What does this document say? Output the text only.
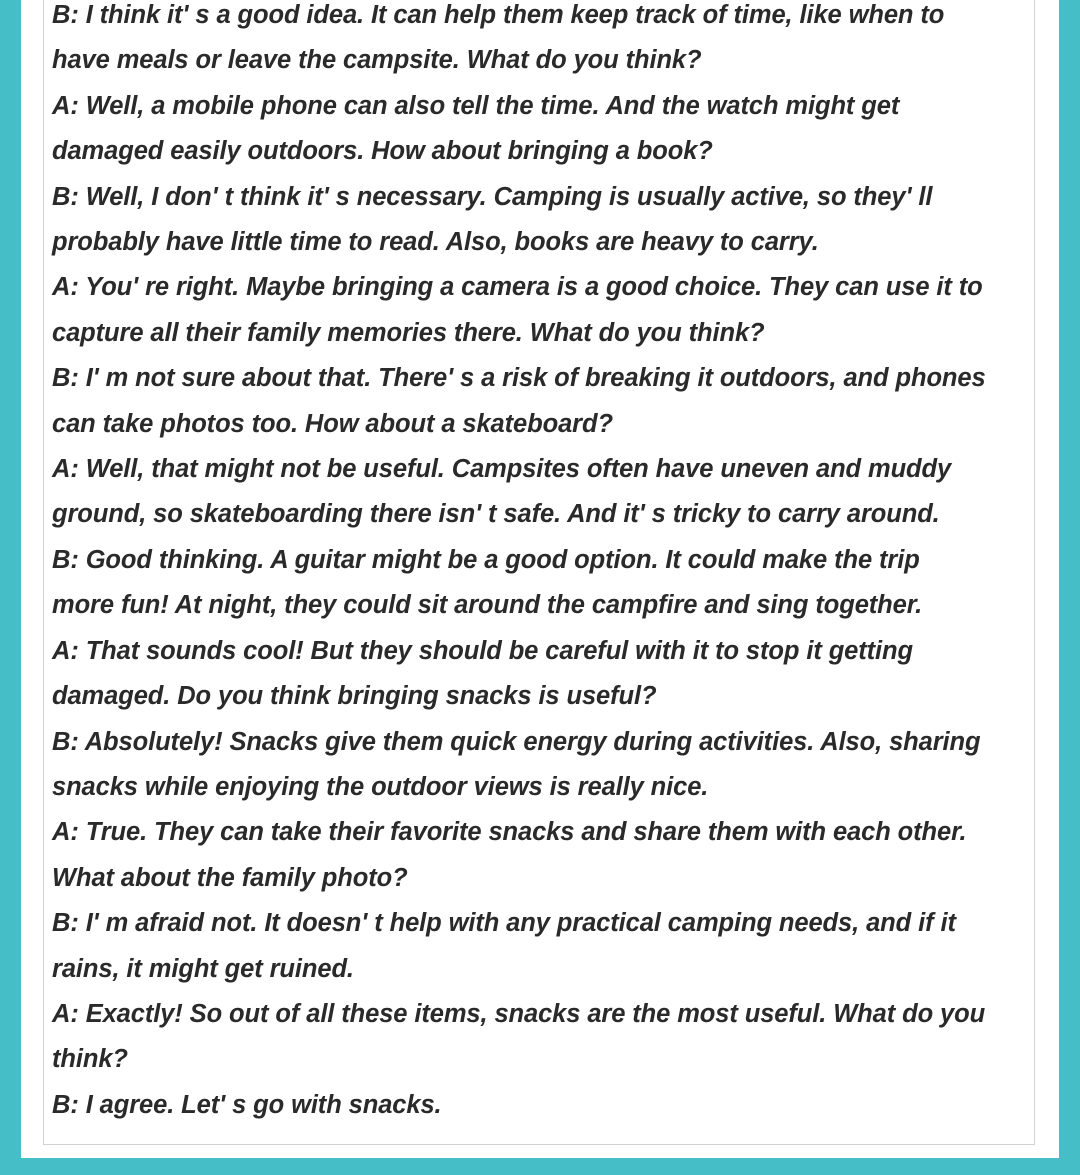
B: I think it' s a good idea. It can help them keep track of time, like when to
have meals or leave the campsite. What do you think?
A: Well, a mobile phone can also tell the time. And the watch might get
damaged easily outdoors. How about bringing a book?
B: Well, I don' t think it' s necessary. Camping is usually active, so they' ll
probably have little time to read. Also, books are heavy to carry.
A: You' re right. Maybe bringing a camera is a good choice. They can use it to
capture all their family memories there. What do you think?
B: I' m not sure about that. There' s a risk of breaking it outdoors, and phones
can take photos too. How about a skateboard?
A: Well, that might not be useful. Campsites often have uneven and muddy
ground, so skateboarding there isn' t safe. And it' s tricky to carry around.
B: Good thinking. A guitar might be a good option. It could make the trip
more fun! At night, they could sit around the campfire and sing together.
A: That sounds cool! But they should be careful with it to stop it getting
damaged. Do you think bringing snacks is useful?
B: Absolutely! Snacks give them quick energy during activities. Also, sharing
snacks while enjoying the outdoor views is really nice.
A: True. They can take their favorite snacks and share them with each other.
What about the family photo?
B: I' m afraid not. It doesn' t help with any practical camping needs, and if it
rains, it might get ruined.
A: Exactly! So out of all these items, snacks are the most useful. What do you
think?
B: I agree. Let' s go with snacks.
